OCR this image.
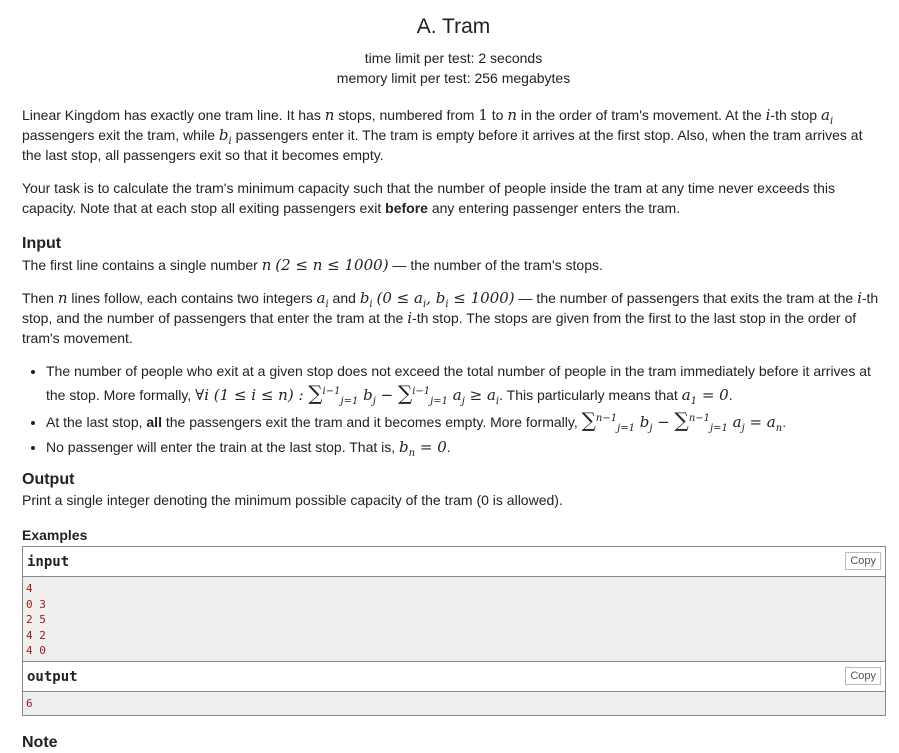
A. Tram
time limit per test: 2 seconds
memory limit per test: 256 megabytes

Linear Kingdom has exactly one tram line. It has n stops, numbered from 1 to n in the order of tram's movement. At the i-th stop $a_i$ passengers exit the tram, while $b_i$ passengers enter it. The tram is empty before it arrives at the first stop. Also, when the tram arrives at the last stop, all passengers exit so that it becomes empty.

Your task is to calculate the tram's minimum capacity such that the number of people inside the tram at any time never exceeds this capacity. Note that at each stop all exiting passengers exit before any entering passenger enters the tram.

Input

The first line contains a single number n (2 ≤ n ≤ 1000) — the number of the tram's stops.

Then n lines follow, each contains two integers $a_i$ and $b_i$ ($0 \le a_i$, $b_i \le 1000$) — the number of passengers that exits the tram at the i-th stop, and the number of passengers that enter the tram at the i-th stop. The stops are given from the first to the last stop in the order of tram's movement.

• The number of people who exit at a given stop does not exceed the total number of people in the tram immediately before it arrives at the stop. More formally, ∀i (1 ≤ i ≤ n) : ∑$^{i-1}_{j=1}$ $b_j - \sum^{i-1}_{j=1}$ $a_j \ge a_i$. This particularly means that $a_1 = 0$.
• At the last stop, all the passengers exit the tram and it becomes empty. More formally, ∑$^{n-1}_{j=1}$ $b_j - \sum^{n-1}_{j=1}$ $a_j = a_n$.
• No passenger will enter the train at the last stop. That is, $b_n = 0$.
Output

Print a single integer denoting the minimum possible capacity of the tram (0 is allowed).

Examples
input	Copy
4
0 3
2 5
4 2
4 0
output	Copy
6
Note
